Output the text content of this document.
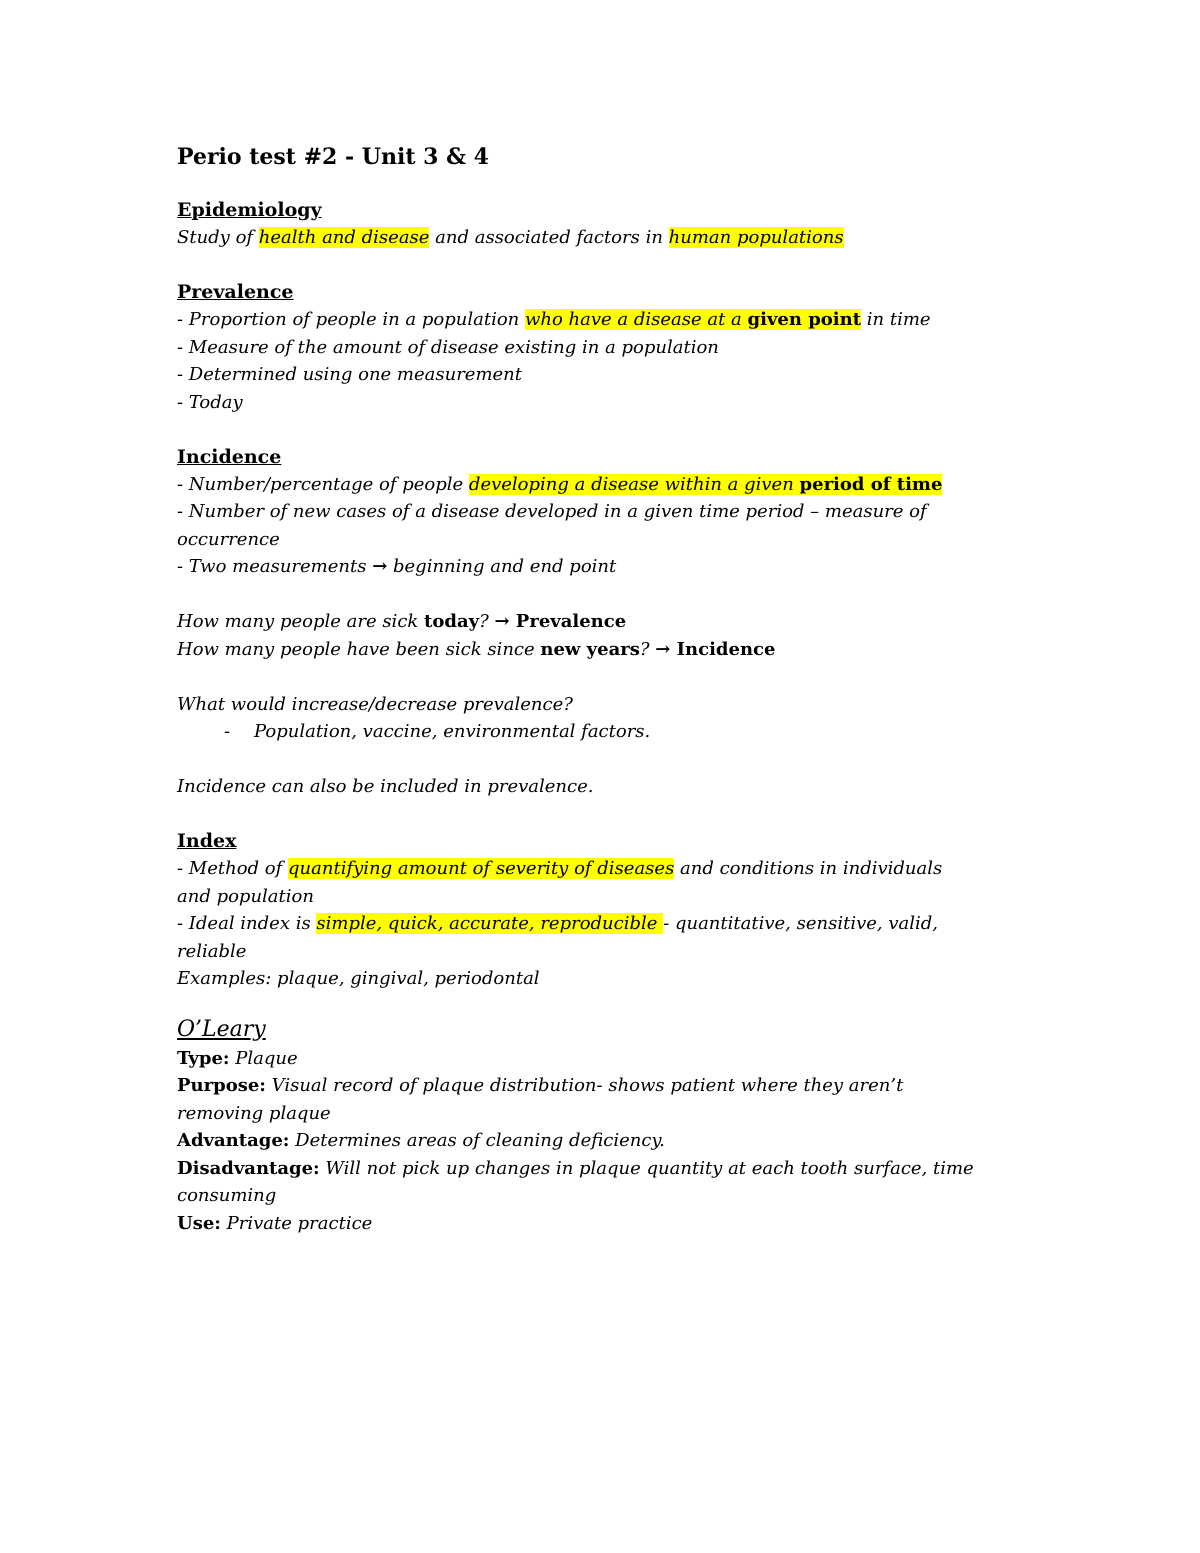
Perio test #2 - Unit 3 & 4
Epidemiology
Study of health and disease and associated factors in human populations
Prevalence
- Proportion of people in a population who have a disease at a given point in time
- Measure of the amount of disease existing in a population
- Determined using one measurement
- Today
Incidence
- Number/percentage of people developing a disease within a given period of time
- Number of new cases of a disease developed in a given time period – measure of
occurrence
- Two measurements → beginning and end point
How many people are sick today? → Prevalence
How many people have been sick since new years? → Incidence
What would increase/decrease prevalence?
- Population, vaccine, environmental factors.
Incidence can also be included in prevalence.
Index
- Method of quantifying amount of severity of diseases and conditions in individuals
and population
- Ideal index is simple, quick, accurate, reproducible - quantitative, sensitive, valid,
reliable
Examples: plaque, gingival, periodontal
O’Leary
Type: Plaque
Purpose: Visual record of plaque distribution- shows patient where they aren’t
removing plaque
Advantage: Determines areas of cleaning deficiency.
Disadvantage: Will not pick up changes in plaque quantity at each tooth surface, time
consuming
Use: Private practice
